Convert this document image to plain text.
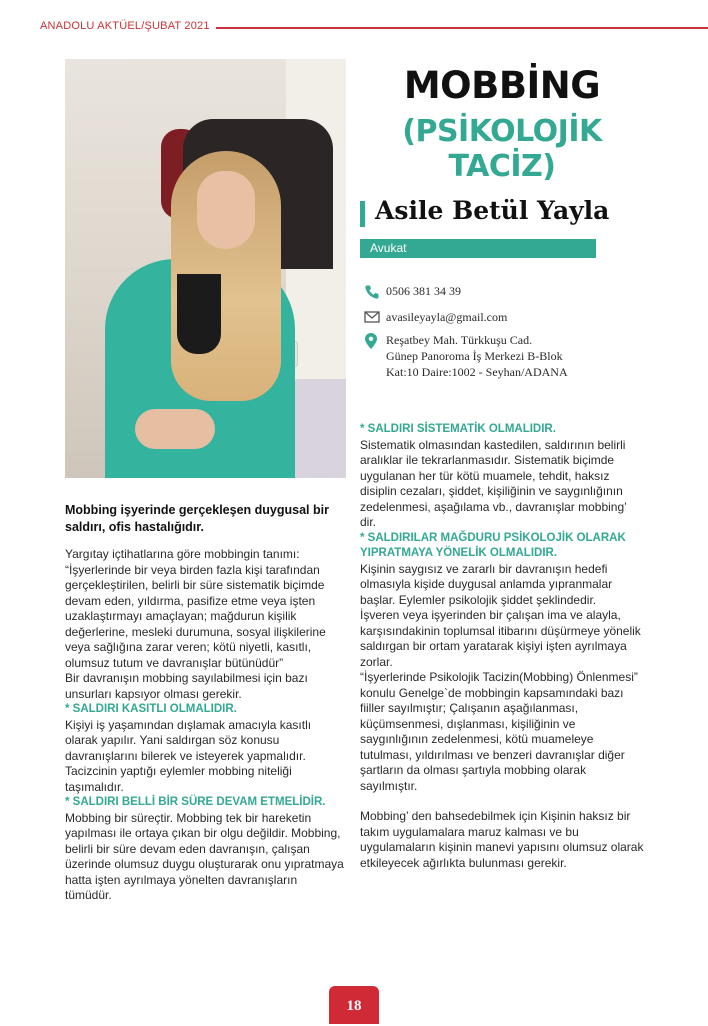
ANADOLU AKTÜEL/ŞUBAT 2021
MOBBİNG
(PSİKOLOJİK TACİZ)
Asile Betül Yayla
Avukat
0506 381 34 39
avasileyayla@gmail.com
Reşatbey Mah. Türkkuşu Cad.
Günep Panoroma İş Merkezi B-Blok
Kat:10 Daire:1002 - Seyhan/ADANA
Mobbing işyerinde gerçekleşen duygusal bir saldırı, ofis hastalığıdır.

Yargıtay içtihatlarına göre mobbingin tanımı: “İşyerlerinde bir veya birden fazla kişi tarafından gerçekleştirilen, belirli bir süre sistematik biçimde devam eden, yıldırma, pasifize etme veya işten uzaklaştırmayı amaçlayan; mağdurun kişilik değerlerine, mesleki durumuna, sosyal ilişkilerine veya sağlığına zarar veren; kötü niyetli, kasıtlı, olumsuz tutum ve davranışlar bütünüdür”

Bir davranışın mobbing sayılabilmesi için bazı unsurları kapsıyor olması gerekir.

* SALDIRI KASITLI OLMALIDIR.

Kişiyi iş yaşamından dışlamak amacıyla kasıtlı olarak yapılır. Yani saldırgan söz konusu davranışlarını bilerek ve isteyerek yapmalıdır. Tacizcinin yaptığı eylemler mobbing niteliği taşımalıdır.

* SALDIRI BELLİ BİR SÜRE DEVAM ETMELİDİR.

Mobbing bir süreçtir. Mobbing tek bir hareketin yapılması ile ortaya çıkan bir olgu değildir. Mobbing, belirli bir süre devam eden davranışın, çalışan üzerinde olumsuz duygu oluşturarak onu yıpratmaya hatta işten ayrılmaya yönelten davranışların tümüdür.

* SALDIRI SİSTEMATİK OLMALIDIR.

Sistematik olmasından kastedilen, saldırının belirli aralıklar ile tekrarlanmasıdır. Sistematik biçimde uygulanan her tür kötü muamele, tehdit, haksız disiplin cezaları, şiddet, kişiliğinin ve saygınlığının zedelenmesi, aşağılama vb., davranışlar mobbing’ dir.

* SALDIRILAR MAĞDURU PSİKOLOJİK OLARAK YIPRATMAYA YÖNELİK OLMALIDIR.

Kişinin saygısız ve zararlı bir davranışın hedefi olmasıyla kişide duygusal anlamda yıpranmalar başlar. Eylemler psikolojik şiddet şeklindedir.

İşveren veya işyerinden bir çalışan ima ve alayla, karşısındakinin toplumsal itibarını düşürmeye yönelik saldırgan bir ortam yaratarak kişiyi işten ayrılmaya zorlar.

“İşyerlerinde Psikolojik Tacizin(Mobbing) Önlenmesi” konulu Genelge`de mobbingin kapsamındaki bazı fiiller sayılmıştır; Çalışanın aşağılanması, küçümsenmesi, dışlanması, kişiliğinin ve saygınlığının zedelenmesi, kötü muameleye tutulması, yıldırılması ve benzeri davranışlar diğer şartların da olması şartıyla mobbing olarak sayılmıştır.

Mobbing’ den bahsedebilmek için Kişinin haksız bir takım uygulamalara maruz kalması ve bu uygulamaların kişinin manevi yapısını olumsuz olarak etkileyecek ağırlıkta bulunması gerekir.

18
